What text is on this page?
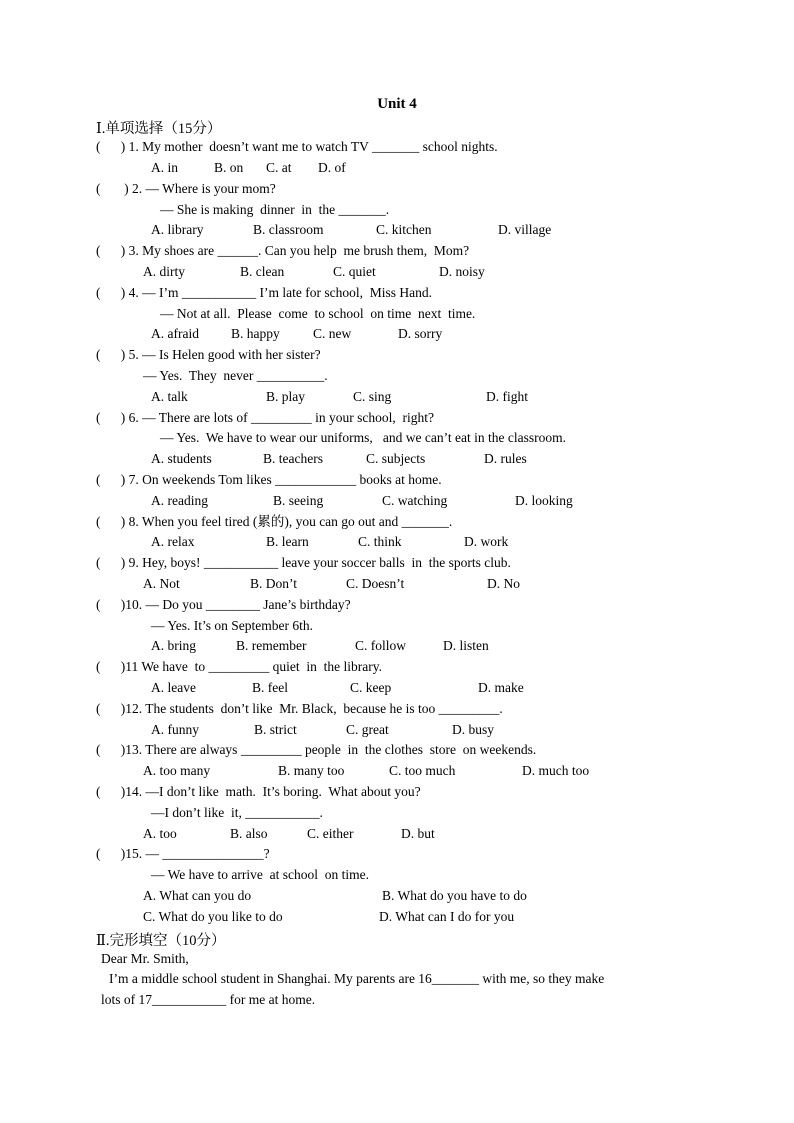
Unit 4
Ⅰ.单项选择（15分）
(      ) 1. My mother  doesn’t want me to watch TV _______ school nights.
A. in	B. on C. at D. of
(       ) 2. — Where is your mom?
— She is making  dinner  in  the _______.
A. library	B. classroom	C. kitchen	D. village
(      ) 3. My shoes are ______. Can you help  me brush them,  Mom?
A. dirty	B. clean	C. quiet	D. noisy
(      ) 4. — I’m ___________ I’m late for school,  Miss Hand.
— Not at all.  Please  come  to school  on time  next  time.
A. afraid B. happy C. new	D. sorry
(      ) 5. — Is Helen good with her sister?
— Yes.  They  never __________.
A. talk	B. play	C. sing	D. fight
(      ) 6. — There are lots of _________ in your school,  right?
— Yes.  We have to wear our uniforms,   and we can’t eat in the classroom.
A. students	B. teachers	C. subjects	D. rules
(      ) 7. On weekends Tom likes ____________ books at home.
A. reading	B. seeing	C. watching	D. looking
(      ) 8. When you feel tired (累的), you can go out and _______.
A. relax	B. learn	C. think	D. work
(      ) 9. Hey, boys! ___________ leave your soccer balls  in  the sports club.
A. Not	B. Don’t	C. Doesn’t	D. No
(      )10. — Do you ________ Jane’s birthday?
— Yes. It’s on September 6th.
A. bring	B. remember	C. follow	D. listen
(      )11 We have  to _________ quiet  in  the library.
A. leave	B. feel	C. keep	D. make
(      )12. The students  don’t like  Mr. Black,  because he is too _________.
A. funny	B. strict	C. great	D. busy
(      )13. There are always _________ people  in  the clothes  store  on weekends.
A. too many	B. many too	C. too much	D. much too
(      )14. —I don’t like  math.  It’s boring.  What about you?
—I don’t like  it, ___________.
A. too	B. also	C. either	D. but
(      )15. — _______________?
— We have to arrive  at school  on time.
A. What can you do	B. What do you have to do
C. What do you like to do	D. What can I do for you
Ⅱ.完形填空（10分）
Dear Mr. Smith,
I’m a middle school student in Shanghai. My parents are 16_______ with me, so they make
lots of 17___________ for me at home.
